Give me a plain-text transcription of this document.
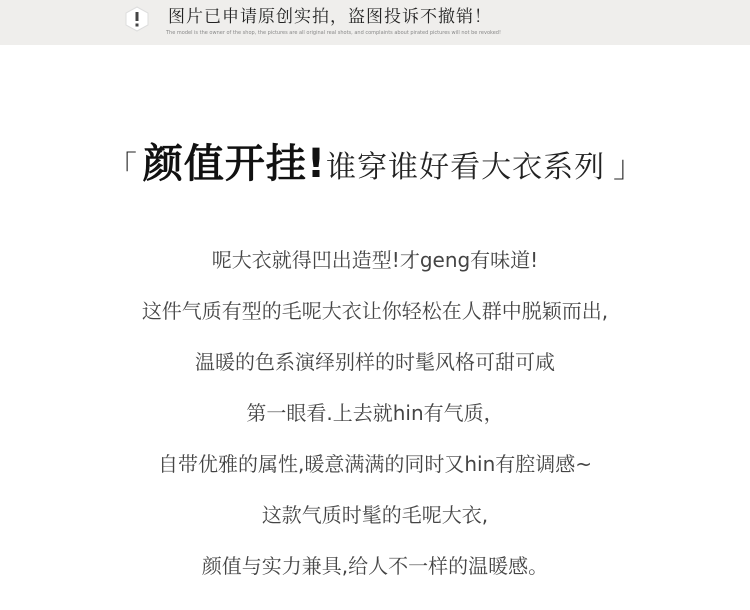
图片已申请原创实拍，盗图投诉不撤销！
The model is the owner of the shop, the pictures are all original real shots, and complaints about pirated pictures will not be revoked!
「 颜值开挂! 谁穿谁好看大衣系列 」
呢大衣就得凹出造型!才geng有味道!
这件气质有型的毛呢大衣让你轻松在人群中脱颖而出,
温暖的色系演绎别样的时髦风格可甜可咸
第一眼看.上去就hin有气质，
自带优雅的属性,暖意满满的同时又hin有腔调感~
这款气质时髦的毛呢大衣,
颜值与实力兼具,给人不一样的温暖感。
